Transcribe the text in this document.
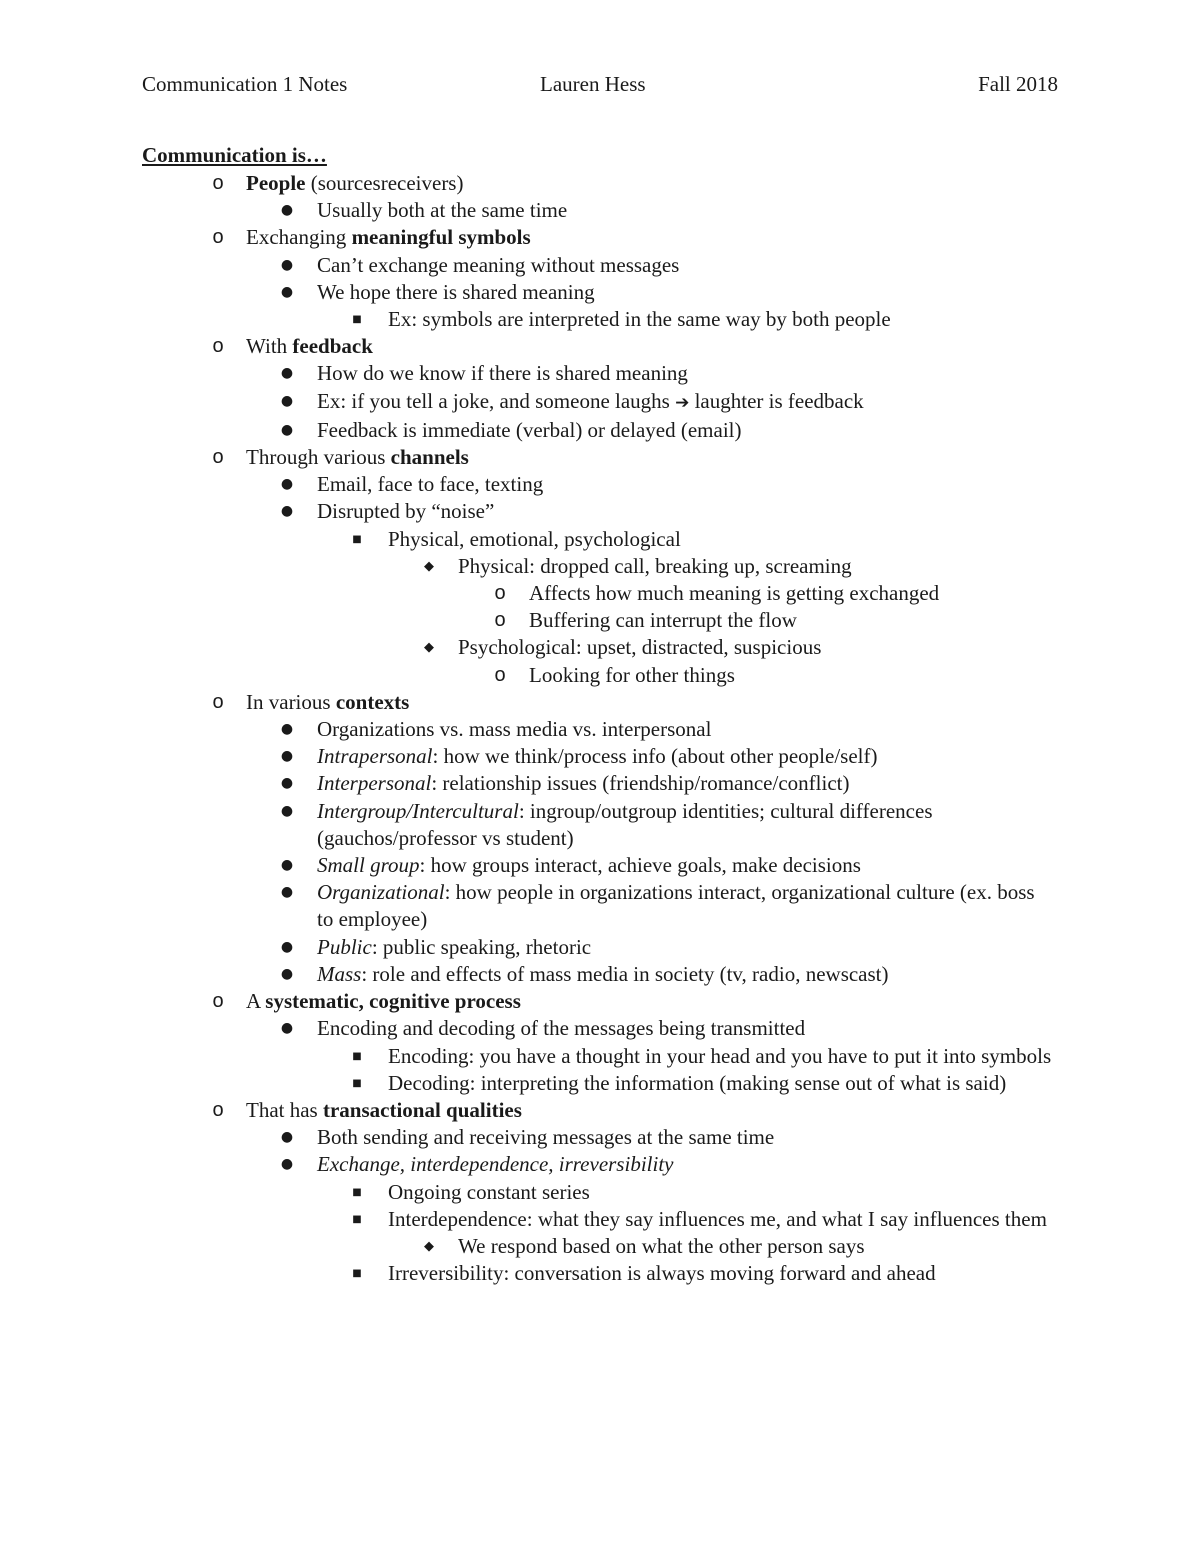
Communication 1 Notes	Lauren Hess	Fall 2018
Communication is…
o People (sourcesreceivers)
● Usually both at the same time
o Exchanging meaningful symbols
● Can’t exchange meaning without messages
● We hope there is shared meaning
■ Ex: symbols are interpreted in the same way by both people
o With feedback
● How do we know if there is shared meaning
● Ex: if you tell a joke, and someone laughs ➔ laughter is feedback
● Feedback is immediate (verbal) or delayed (email)
o Through various channels
● Email, face to face, texting
● Disrupted by “noise”
■ Physical, emotional, psychological
◆ Physical: dropped call, breaking up, screaming
o Affects how much meaning is getting exchanged
o Buffering can interrupt the flow
◆ Psychological: upset, distracted, suspicious
o Looking for other things
o In various contexts
● Organizations vs. mass media vs. interpersonal
● Intrapersonal: how we think/process info (about other people/self)
● Interpersonal: relationship issues (friendship/romance/conflict)
● Intergroup/Intercultural: ingroup/outgroup identities; cultural differences (gauchos/professor vs student)
● Small group: how groups interact, achieve goals, make decisions
● Organizational: how people in organizations interact, organizational culture (ex. boss to employee)
● Public: public speaking, rhetoric
● Mass: role and effects of mass media in society (tv, radio, newscast)
o A systematic, cognitive process
● Encoding and decoding of the messages being transmitted
■ Encoding: you have a thought in your head and you have to put it into symbols
■ Decoding: interpreting the information (making sense out of what is said)
o That has transactional qualities
● Both sending and receiving messages at the same time
● Exchange, interdependence, irreversibility
■ Ongoing constant series
■ Interdependence: what they say influences me, and what I say influences them
◆ We respond based on what the other person says
■ Irreversibility: conversation is always moving forward and ahead
